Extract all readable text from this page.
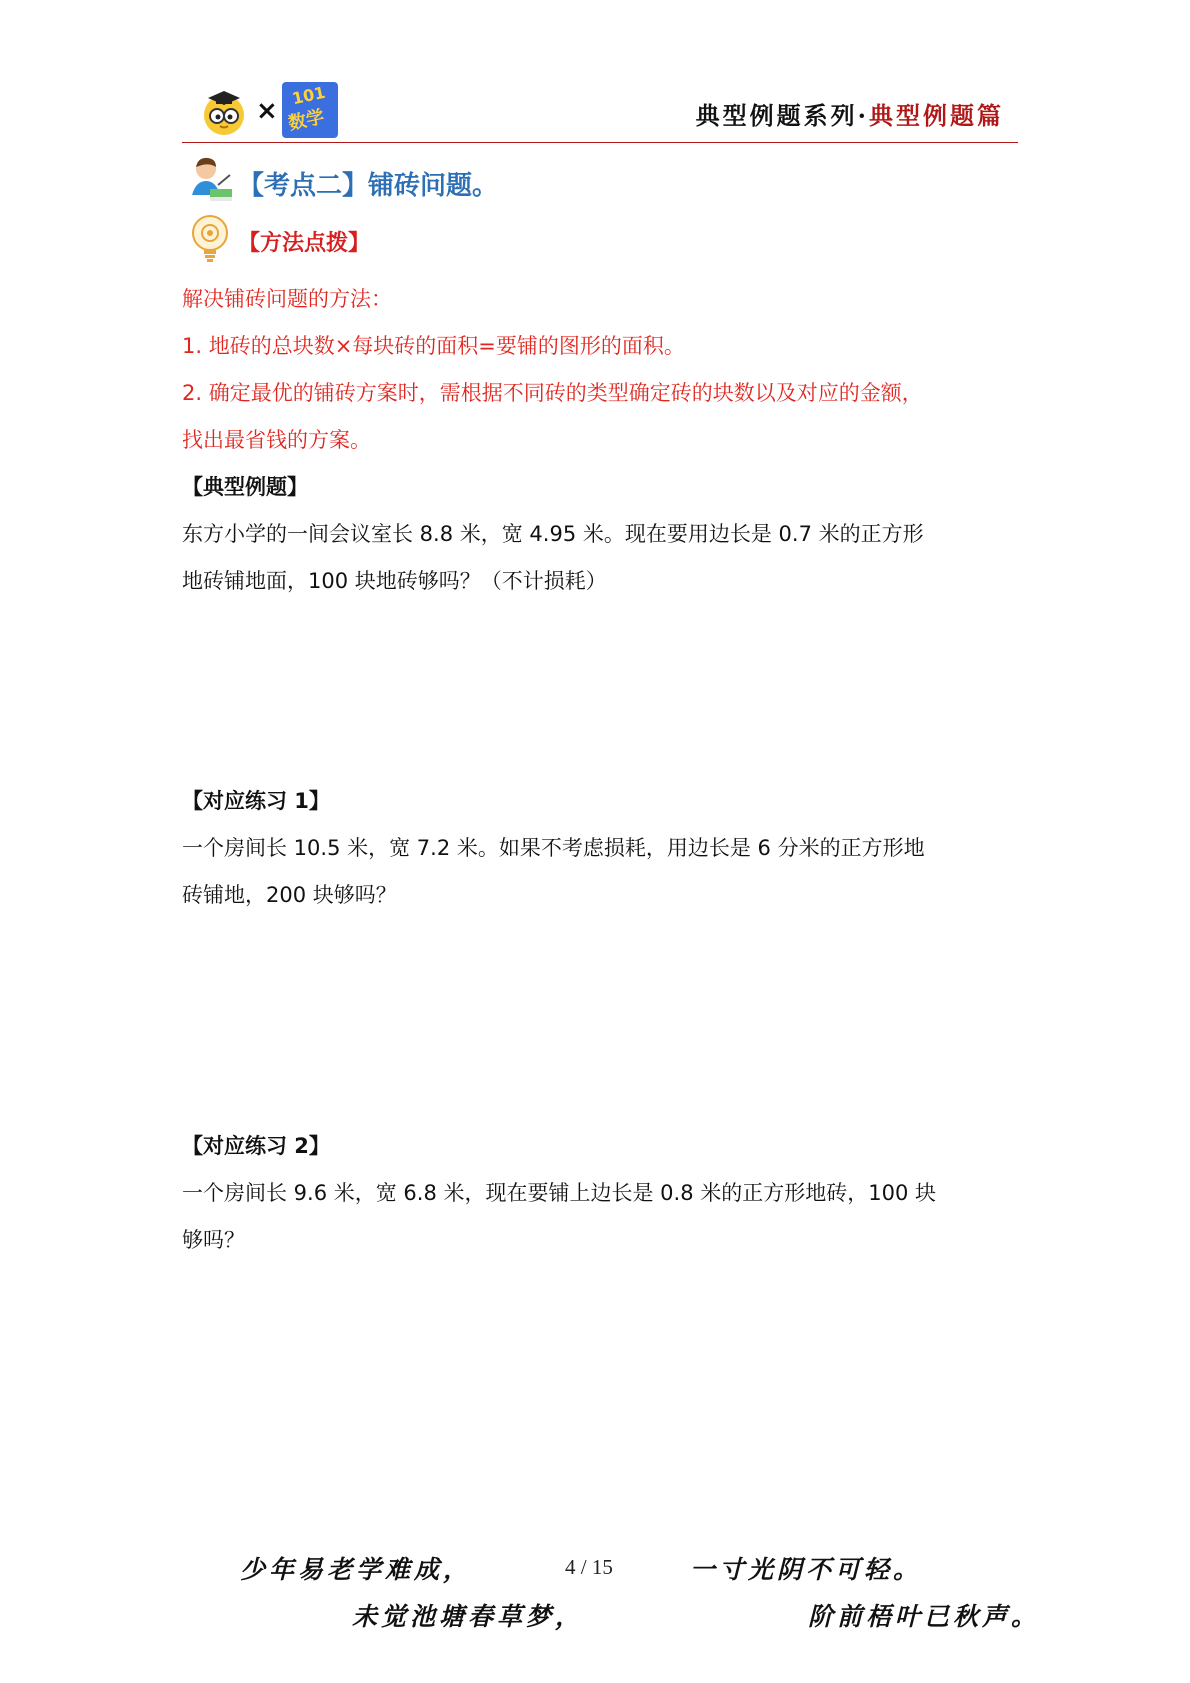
×
101
数学	典型例题系列·典型例题篇
【考点二】铺砖问题。
【方法点拨】
解决铺砖问题的方法：
1. 地砖的总块数×每块砖的面积=要铺的图形的面积。
2. 确定最优的铺砖方案时，需根据不同砖的类型确定砖的块数以及对应的金额，
找出最省钱的方案。
【典型例题】
东方小学的一间会议室长 8.8 米，宽 4.95 米。现在要用边长是 0.7 米的正方形
地砖铺地面，100 块地砖够吗？（不计损耗）
【对应练习 1】
一个房间长 10.5 米，宽 7.2 米。如果不考虑损耗，用边长是 6 分米的正方形地
砖铺地，200 块够吗？
【对应练习 2】
一个房间长 9.6 米，宽 6.8 米，现在要铺上边长是 0.8 米的正方形地砖，100 块
够吗？
少年易老学难成，	4 / 15	一寸光阴不可轻。
未觉池塘春草梦，	阶前梧叶已秋声。
